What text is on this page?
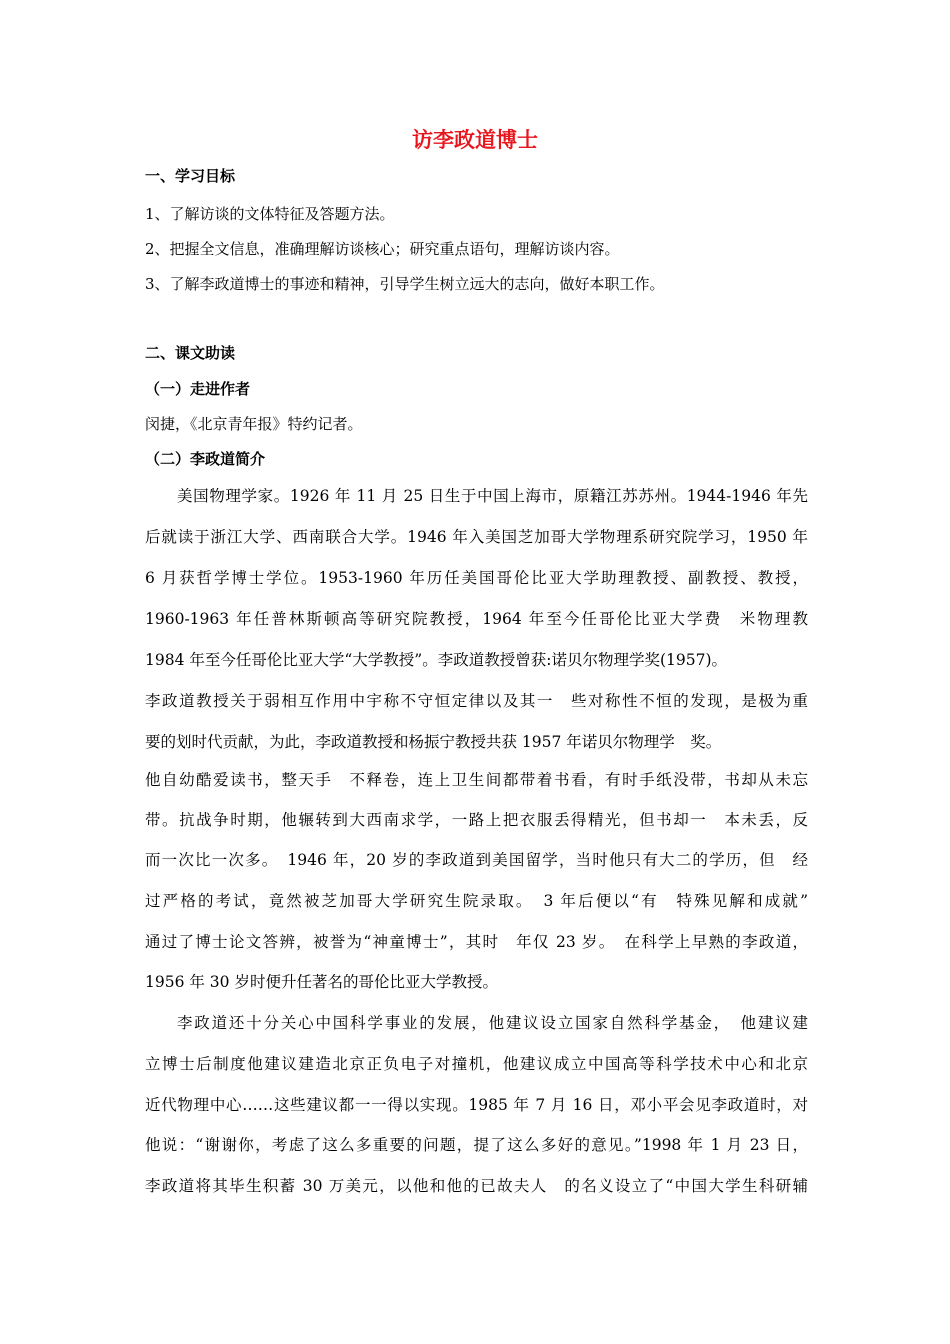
访李政道博士
一、学习目标
1、了解访谈的文体特征及答题方法。
2、把握全文信息，准确理解访谈核心；研究重点语句，理解访谈内容。
3、了解李政道博士的事迹和精神，引导学生树立远大的志向，做好本职工作。
二、课文助读
（一）走进作者
闵捷，《北京青年报》特约记者。
（二）李政道简介
美国物理学家。1926 年 11 月 25 日生于中国上海市，原籍江苏苏州。1944-1946 年先
后就读于浙江大学、西南联合大学。1946 年入美国芝加哥大学物理系研究院学习，1950 年
6 月获哲学博士学位。1953-1960 年历任美国哥伦比亚大学助理教授、副教授、教授，
1960-1963 年任普林斯顿高等研究院教授，1964 年至今任哥伦比亚大学费　米物理教
1984 年至今任哥伦比亚大学“大学教授”。李政道教授曾获:诺贝尔物理学奖(1957)。
李政道教授关于弱相互作用中宇称不守恒定律以及其一　些对称性不恒的发现，是极为重
要的划时代贡献，为此，李政道教授和杨振宁教授共获 1957 年诺贝尔物理学　奖。
他自幼酷爱读书，整天手　不释卷，连上卫生间都带着书看，有时手纸没带，书却从未忘
带。抗战争时期，他辗转到大西南求学，一路上把衣服丢得精光，但书却一　本未丢，反
而一次比一次多。　1946 年，20 岁的李政道到美国留学，当时他只有大二的学历，但　经
过严格的考试，竟然被芝加哥大学研究生院录取。　3 年后便以“有　特殊见解和成就”
通过了博士论文答辨，被誉为“神童博士”，其时　年仅 23 岁。　在科学上早熟的李政道，
1956 年 30 岁时便升任著名的哥伦比亚大学教授。
李政道还十分关心中国科学事业的发展，他建议设立国家自然科学基金，　他建议建
立博士后制度他建议建造北京正负电子对撞机，他建议成立中国高等科学技术中心和北京
近代物理中心……这些建议都一一得以实现。1985 年 7 月 16 日，邓小平会见李政道时，对
他说：“谢谢你，考虑了这么多重要的问题，提了这么多好的意见。”1998 年 1 月 23 日，
李政道将其毕生积蓄 30 万美元，以他和他的已故夫人　的名义设立了“中国大学生科研辅
